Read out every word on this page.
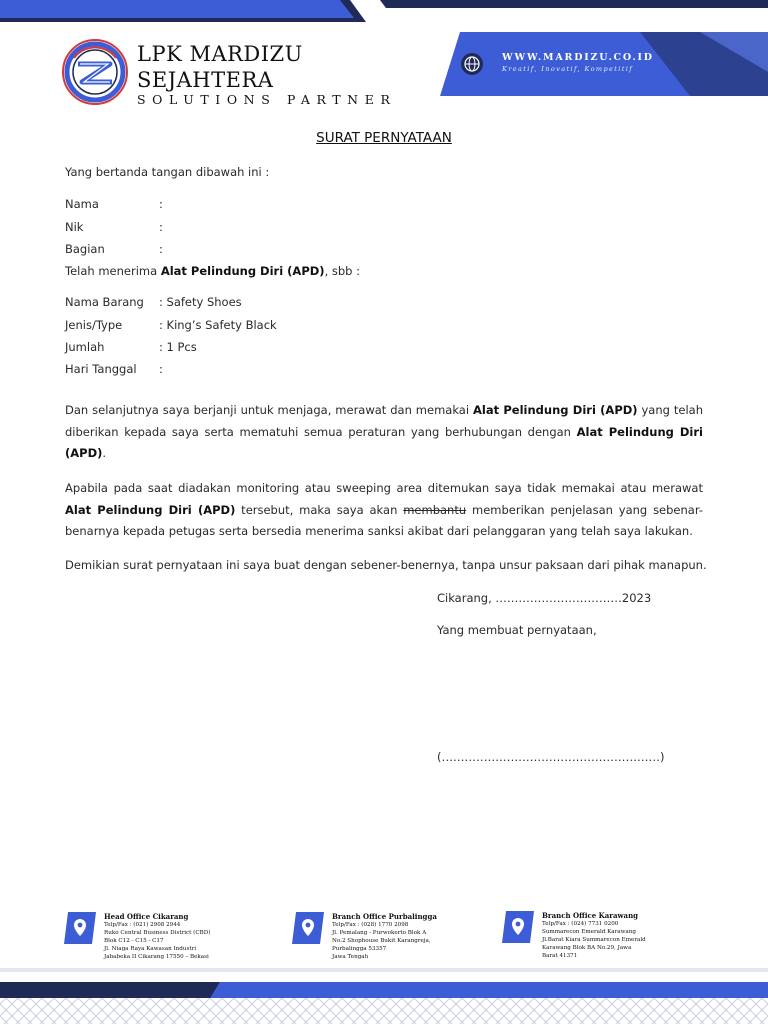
LPK MARDIZU
SEJAHTERA
SOLUTIONS PARTNER
WWW.MARDIZU.CO.ID
Kreatif, Inovatif, Kompetitif
SURAT PERNYATAAN
Yang bertanda tangan dibawah ini :
Nama	:
Nik	:
Bagian	:
Telah menerima Alat Pelindung Diri (APD), sbb :
Nama Barang : Safety Shoes
Jenis/Type	: King’s Safety Black
Jumlah	: 1 Pcs
Hari Tanggal :
Dan selanjutnya saya berjanji untuk menjaga, merawat dan memakai Alat Pelindung Diri (APD) yang telah diberikan kepada saya serta mematuhi semua peraturan yang berhubungan dengan Alat Pelindung Diri (APD).
Apabila pada saat diadakan monitoring atau sweeping area ditemukan saya tidak memakai atau merawat Alat Pelindung Diri (APD) tersebut, maka saya akan membantu memberikan penjelasan yang sebenar-benarnya kepada petugas serta bersedia menerima sanksi akibat dari pelanggaran yang telah saya lakukan.
Demikian surat pernyataan ini saya buat dengan sebener-benernya, tanpa unsur paksaan dari pihak manapun.
Cikarang, ……………………………2023
Yang membuat pernyataan,
(…………………………………………………)
Head Office Cikarang
Telp/Fax : (021) 2908 2944
Ruko Central Business District (CBD)
Blok C12 - C15 - C17
Jl. Niaga Raya Kawasan Industri
Jababeka II Cikarang 17550 – Bekasi
Branch Office Purbalingga
Telp/Fax : (028) 1770 2098
Jl. Pemalang - Purwokerto Blok A
No.2 Shophouse Bukit Karangreja,
Purbalingga 53357
Jawa Tengah
Branch Office Karawang
Telp/Fax : (024) 7731 0200
Summarecon Emerald Karawang
Jl.Barat Kiara Summarecon Emerald
Karawang Blok BA No.29, Jawa
Barat 41371
